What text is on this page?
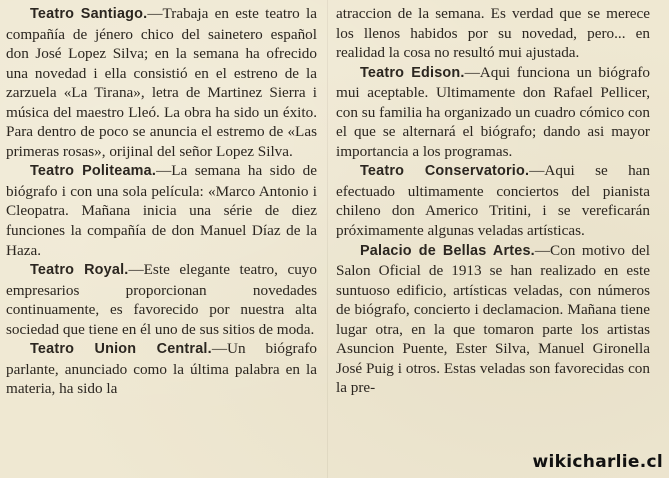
Teatro Santiago.—Trabaja en este teatro la compañía de jénero chico del sainetero español don José Lopez Silva; en la semana ha ofrecido una novedad i ella consistió en el estreno de la zarzuela «La Tirana», letra de Martinez Sierra i música del maestro Lleó. La obra ha sido un éxito. Para dentro de poco se anuncia el estremo de «Las primeras rosas», orijinal del señor Lopez Silva.

Teatro Politeama.—La semana ha sido de biógrafo i con una sola película: «Marco Antonio i Cleopatra. Mañana inicia una série de diez funciones la compañía de don Manuel Díaz de la Haza.

Teatro Royal.—Este elegante teatro, cuyo empresarios proporcionan novedades continuamente, es favorecido por nuestra alta sociedad que tiene en él uno de sus sitios de moda.

Teatro Union Central.—Un biógrafo parlante, anunciado como la última palabra en la materia, ha sido la

atraccion de la semana. Es verdad que se merece los llenos habidos por su novedad, pero... en realidad la cosa no resultó mui ajustada.

Teatro Edison.—Aqui funciona un biógrafo mui aceptable. Ultimamente don Rafael Pellicer, con su familia ha organizado un cuadro cómico con el que se alternará el biógrafo; dando asi mayor importancia a los programas.

Teatro Conservatorio.—Aqui se han efectuado ultimamente conciertos del pianista chileno don Americo Tritini, i se vereficarán próximamente algunas veladas artísticas.

Palacio de Bellas Artes.—Con motivo del Salon Oficial de 1913 se han realizado en este suntuoso edificio, artísticas veladas, con números de biógrafo, concierto i declamacion. Mañana tiene lugar otra, en la que tomaron parte los artistas Asuncion Puente, Ester Silva, Manuel Gironella José Puig i otros. Estas veladas son favorecidas con la pre-

wikicharlie.cl
